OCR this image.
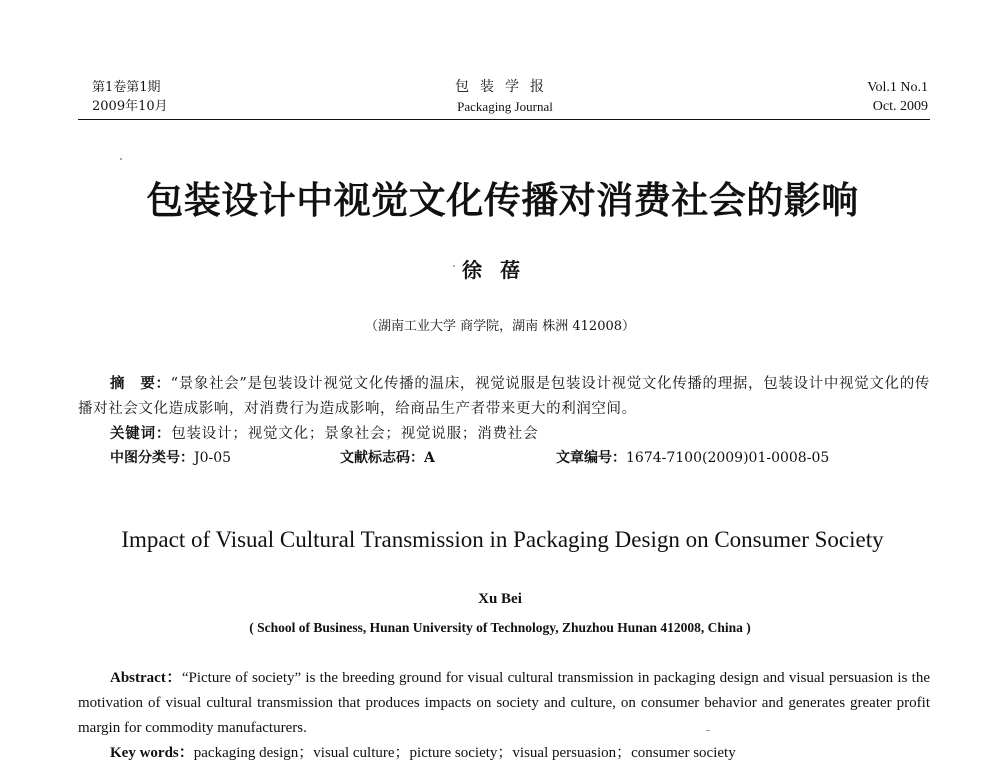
第1卷第1期
2009年10月
包装学报
Packaging Journal
Vol.1 No.1
Oct. 2009
包装设计中视觉文化传播对消费社会的影响
徐蓓
（湖南工业大学 商学院，湖南 株洲 412008）
摘　要：“景象社会”是包装设计视觉文化传播的温床，视觉说服是包装设计视觉文化传播的理据，包装设计中视觉文化的传播对社会文化造成影响，对消费行为造成影响，给商品生产者带来更大的利润空间。
关键词：包装设计；视觉文化；景象社会；视觉说服；消费社会
中图分类号：J0-05	文献标志码：A	文章编号：1674-7100(2009)01-0008-05
Impact of Visual Cultural Transmission in Packaging Design on Consumer Society
Xu Bei
( School of Business, Hunan University of Technology, Zhuzhou Hunan 412008, China )
Abstract：“Picture of society” is the breeding ground for visual cultural transmission in packaging design and visual persuasion is the motivation of visual cultural transmission that produces impacts on society and culture, on consumer behavior and generates greater profit margin for commodity manufacturers.
Key words：packaging design；visual culture；picture society；visual persuasion；consumer society
